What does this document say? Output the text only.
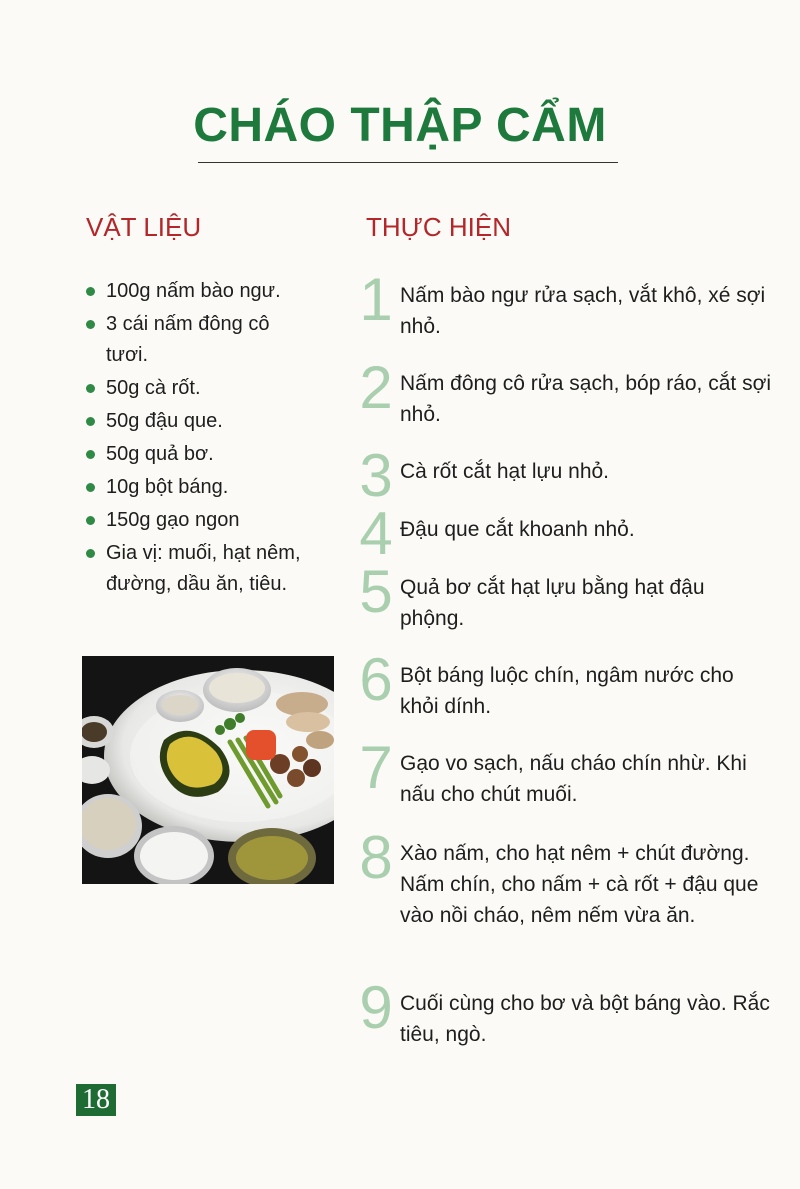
CHÁO THẬP CẨM
VẬT LIỆU	THỰC HIỆN
100g nấm bào ngư.
3 cái nấm đông cô tươi.
50g cà rốt.
50g đậu que.
50g quả bơ.
10g bột báng.
150g gạo ngon
Gia vị: muối, hạt nêm, đường, dầu ăn, tiêu.
1 Nấm bào ngư rửa sạch, vắt khô, xé sợi nhỏ.
2 Nấm đông cô rửa sạch, bóp ráo, cắt sợi nhỏ.
3 Cà rốt cắt hạt lựu nhỏ.
4 Đậu que cắt khoanh nhỏ.
5 Quả bơ cắt hạt lựu bằng hạt đậu phộng.
6 Bột báng luộc chín, ngâm nước cho khỏi dính.
7 Gạo vo sạch, nấu cháo chín nhừ. Khi nấu cho chút muối.
8 Xào nấm, cho hạt nêm + chút đường. Nấm chín, cho nấm + cà rốt + đậu que vào nồi cháo, nêm nếm vừa ăn.
9 Cuối cùng cho bơ và bột báng vào. Rắc tiêu, ngò.
18
